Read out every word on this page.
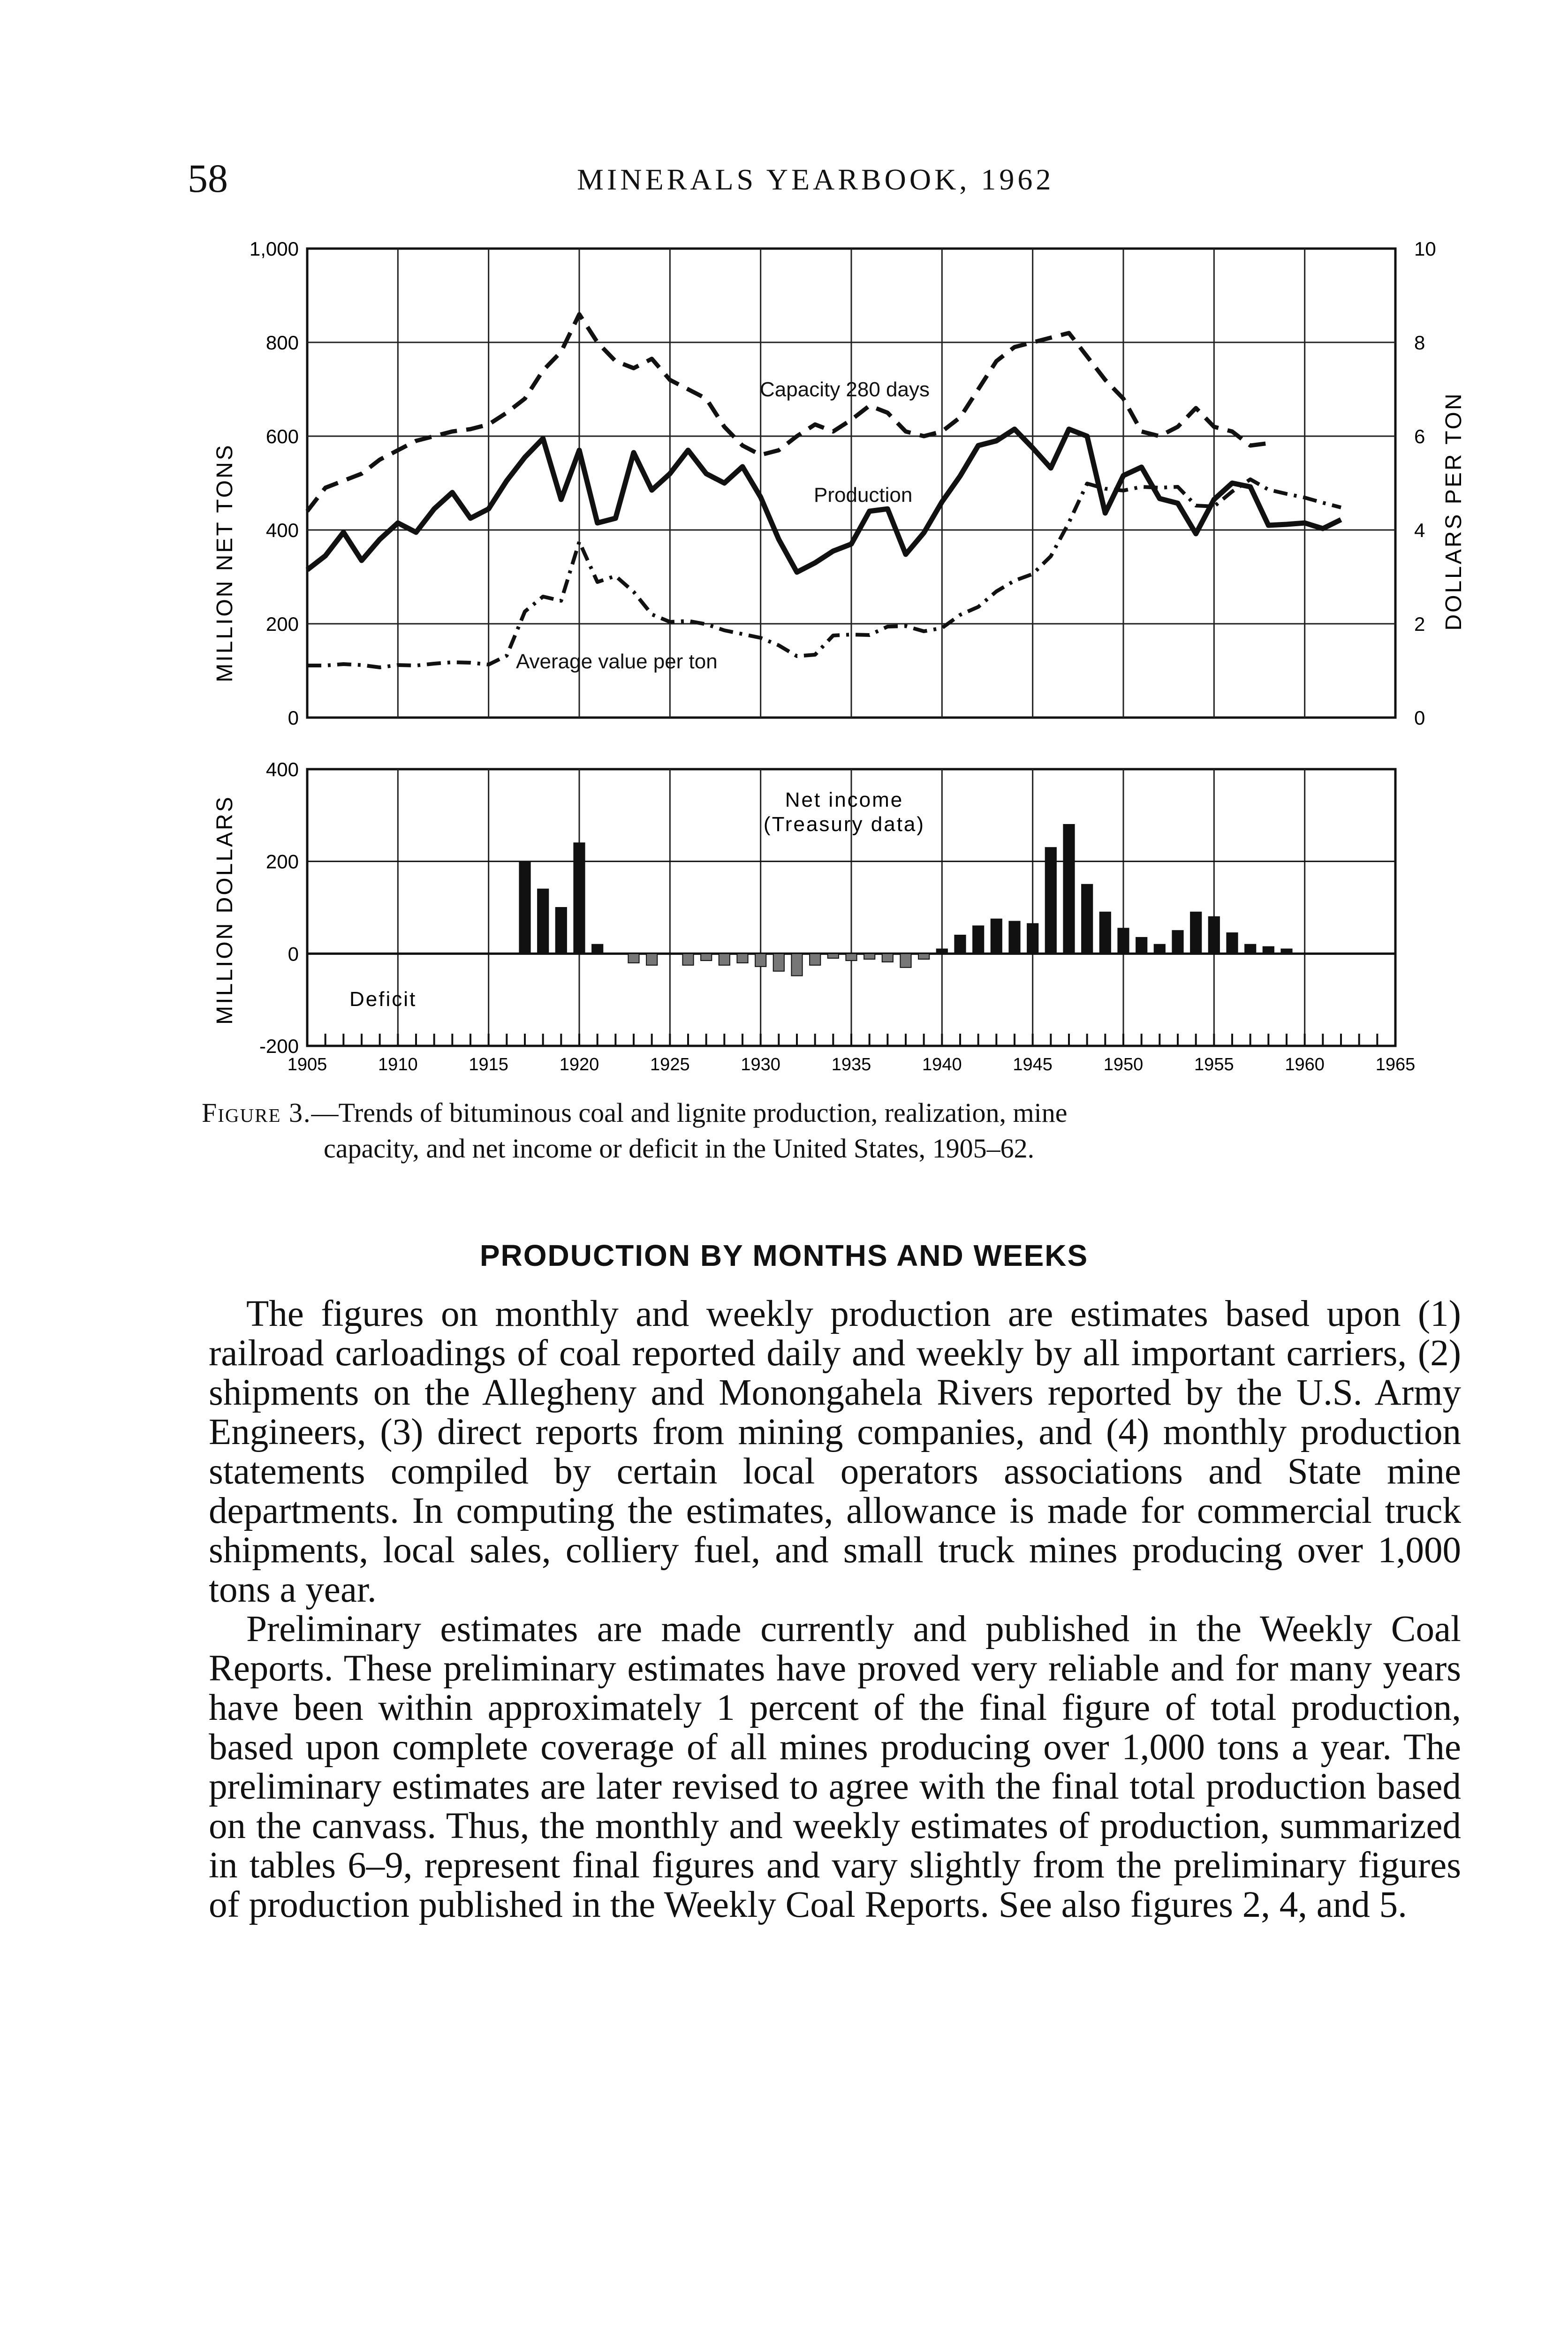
58	MINERALS YEARBOOK, 1962
1,000
800
600
400
200
0
10
8
6
4
2
0
MILLION NET TONS	DOLLARS PER TON
Capacity 280 days
Production
Average value per ton
400
200
0
-200
1905	1910	1915	1920	1925	1930	1935	1940	1945	1950	1955	1960	1965
MILLION DOLLARS	Net income
(Treasury data)
Deficit
Figure 3.—Trends of bituminous coal and lignite production, realization, mine
capacity, and net income or deficit in the United States, 1905–62.
PRODUCTION BY MONTHS AND WEEKS

The figures on monthly and weekly production are estimates based upon (1) railroad carloadings of coal reported daily and weekly by all important carriers, (2) shipments on the Allegheny and Monongahela Rivers reported by the U.S. Army Engineers, (3) direct reports from mining companies, and (4) monthly production statements compiled by certain local operators associations and State mine departments. In computing the estimates, allowance is made for commercial truck shipments, local sales, colliery fuel, and small truck mines producing over 1,000 tons a year.

Preliminary estimates are made currently and published in the Weekly Coal Reports. These preliminary estimates have proved very reliable and for many years have been within approximately 1 percent of the final figure of total production, based upon complete coverage of all mines producing over 1,000 tons a year. The preliminary estimates are later revised to agree with the final total production based on the canvass. Thus, the monthly and weekly estimates of production, summarized in tables 6–9, represent final figures and vary slightly from the preliminary figures of production published in the Weekly Coal Reports. See also figures 2, 4, and 5.
